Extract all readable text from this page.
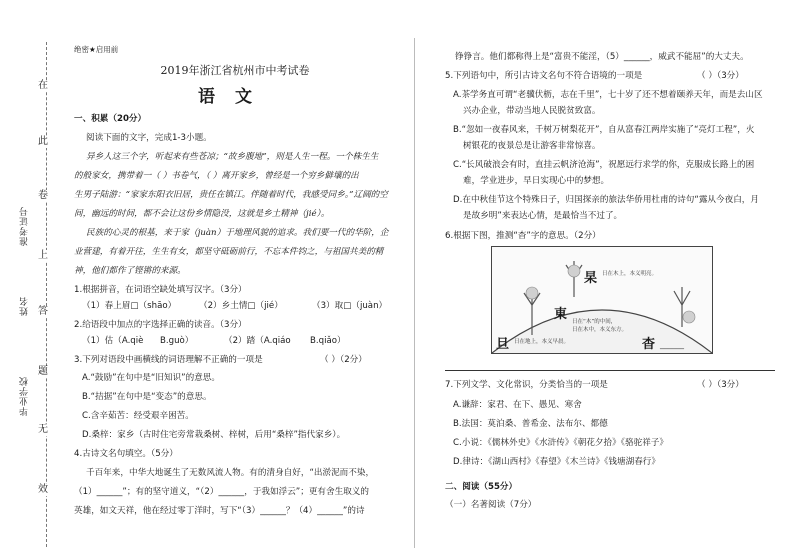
在
此
卷
上
答
题
无
效
准考证号
姓名
毕业学校
绝密★启用前
2019年浙江省杭州市中考试卷
语文
一、积累（20分）
阅读下面的文字，完成1-3小题。
异乡人这三个字，听起来有些苍凉；“故乡腹地”，则是人生一程。一个株生生
的般家女，携带着一（ ）书卷气，（ ）离开家乡，曾经是一个穷乡僻壤的出
生男子陆游：“家家东阳衣旧居，贵任在镇江。伴随着时代，我感受同乡。”辽阔的空
间，幽远的时间，都不会让这份乡情隐没，这就是乡土精神（jié）。
民族的心灵的根基，来于家（juàn）于地理风貌的追求。我们要一代的华阶，企
业营建，有着开往，生生有女，都坚守砥砺前行，不忘本件钧之，与祖国共美的精
神，他们都作了铿锵的来源。
1.根据拼音，在词语空缺处填写汉字。（3分）
（1）春上眉□（shāo）	（2）乡土情□（jié）	（3）取□（juàn）
2.给语段中加点的字选择正确的读音。（3分）
（1）估（A.qiè B.guò）	（2）踏（A.qiáo B.qiǎo）
3.下列对语段中画横线的词语理解不正确的一项是	（ ）（2分）
A.“鼓励”在句中是“旧知识”的意思。
B.“拮据”在句中是“变态”的意思。
C.含辛茹苦：经受艰辛困苦。
D.桑梓：家乡（古时住宅旁常栽桑树、梓树，后用“桑梓”指代家乡）。
4.古诗文名句填空。（5分）
千百年来，中华大地诞生了无数风流人物。有的清身自好，“出淤泥而不染，
（1）______”；有的坚守道义，“（2）______，于我如浮云”；更有舍生取义的
英雄，如文天祥，他在经过零丁洋时，写下“（3）______？（4）______”的诗
铮铮言。他们都称得上是“富贵不能淫，（5）______，威武不能屈”的大丈夫。
5.下列语句中，所引古诗文名句不符合语境的一项是	（ ）（3分）
A.茶学务直可谓“老骥伏枥，志在千里”，七十岁了还不想着颐养天年，而是去山区
兴办企业，带动当地人民脱贫致富。
B.“忽如一夜春风来，千树万树梨花开”，自从富春江两岸实施了“亮灯工程”，火
树银花的夜景总是让游客非常惊喜。
C.“长风破浪会有时，直挂云帆济沧海”，祝愿远行求学的你，克服成长路上的困
难，学业进步，早日实现心中的梦想。
D.在中秋佳节这个特殊日子，归国探亲的旅法华侨用杜甫的诗句“露从今夜白，月
是故乡明”来表达心情，是最恰当不过了。
6.根据下图，推测“杳”字的意思。（2分）
杲 日在木上，本义明亮。
東 日在“木”的中间，
日在木中，本义东方。
旦 日在地上，本义早晨。	杳 ______
7.下列文学、文化常识，分类恰当的一项是	（ ）（3分）
A.谦辞：家君、在下、愚见、寒舍
B.法国：莫泊桑、普希金、法布尔、都德
C.小说：《儒林外史》《水浒传》《朝花夕拾》《骆驼祥子》
D.律诗：《湖山西村》《春望》《木兰诗》《钱塘湖春行》
二、阅读（55分）
（一）名著阅读（7分）
